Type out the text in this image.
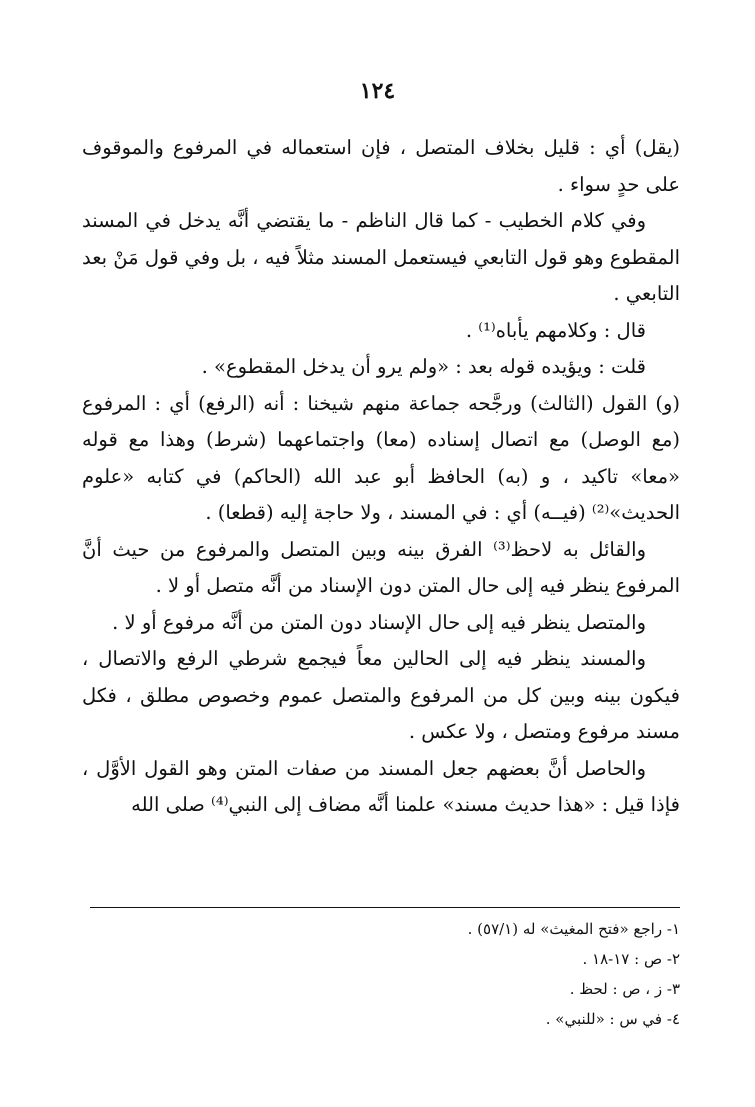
١٢٤

(يقل) أي : قليل بخلاف المتصل ، فإن استعماله في المرفوع والموقوف على حدٍ سواء .

وفي كلام الخطيب - كما قال الناظم - ما يقتضي أنَّه يدخل في المسند المقطوع وهو قول التابعي فيستعمل المسند مثلاً فيه ، بل وفي قول مَنْ بعد التابعي .

قال : وكلامهم يأباه⁽¹⁾ .

قلت : ويؤيده قوله بعد : «ولم يرو أن يدخل المقطوع» .

(و) القول (الثالث) ورجَّحه جماعة منهم شيخنا : أنه (الرفع) أي : المرفوع (مع الوصل) مع اتصال إسناده (معا) واجتماعهما (شرط) وهذا مع قوله «معا» تاكيد ، و (به) الحافظ أبو عبد الله (الحاكم) في كتابه «علوم الحديث»⁽²⁾ (فيــه) أي : في المسند ، ولا حاجة إليه (قطعا) .

والقائل به لاحظ⁽³⁾ الفرق بينه وبين المتصل والمرفوع من حيث أنَّ المرفوع ينظر فيه إلى حال المتن دون الإسناد من أنَّه متصل أو لا .

والمتصل ينظر فيه إلى حال الإسناد دون المتن من أنَّه مرفوع أو لا .

والمسند ينظر فيه إلى الحالين معاً فيجمع شرطي الرفع والاتصال ، فيكون بينه وبين كل من المرفوع والمتصل عموم وخصوص مطلق ، فكل مسند مرفوع ومتصل ، ولا عكس .

والحاصل أنَّ بعضهم جعل المسند من صفات المتن وهو القول الأوَّل ، فإذا قيل : «هذا حديث مسند» علمنا أنَّه مضاف إلى النبي⁽⁴⁾ صلى الله

١- راجع «فتح المغيث» له (٥٧/١) .

٢- ص : ١٧-١٨ .

٣- ز ، ص : لحظ .

٤- في س : «للنبي» .
